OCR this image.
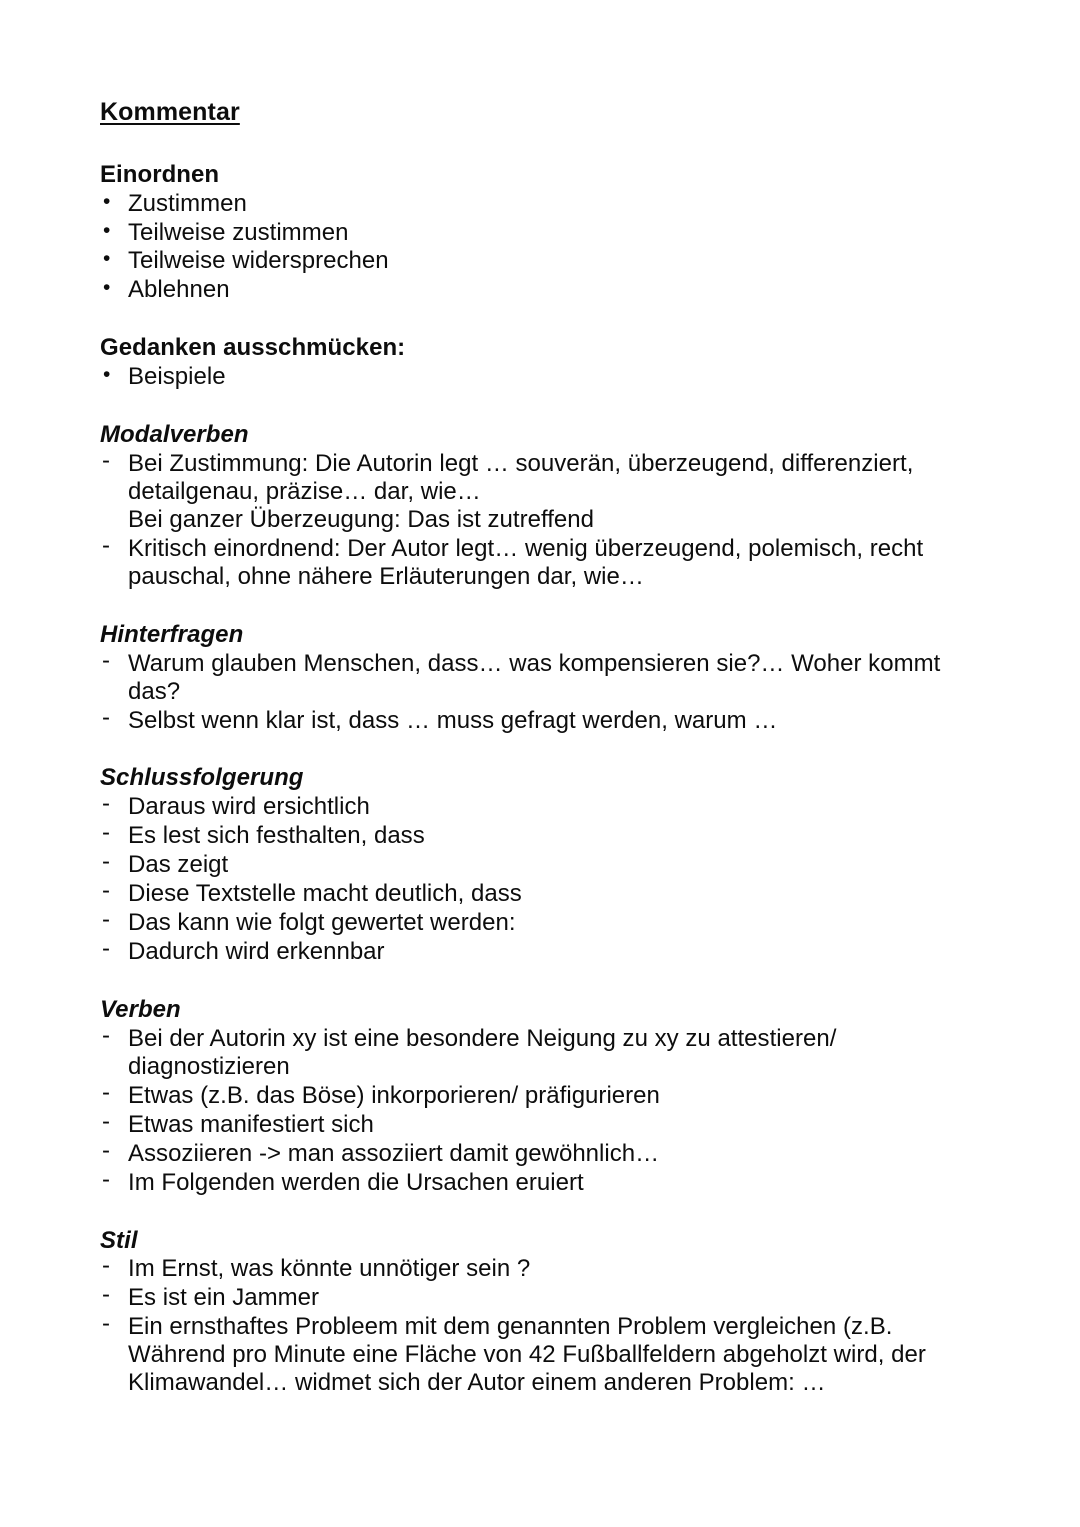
Kommentar
Einordnen
• Zustimmen
• Teilweise zustimmen
• Teilweise widersprechen
• Ablehnen
Gedanken ausschmücken:
• Beispiele
Modalverben
- Bei Zustimmung: Die Autorin legt … souverän, überzeugend, differenziert, detailgenau, präzise… dar, wie…
Bei ganzer Überzeugung: Das ist zutreffend
- Kritisch einordnend: Der Autor legt… wenig überzeugend, polemisch, recht pauschal, ohne nähere Erläuterungen dar, wie…
Hinterfragen
- Warum glauben Menschen, dass… was kompensieren sie?… Woher kommt das?
- Selbst wenn klar ist, dass … muss gefragt werden, warum …
Schlussfolgerung
- Daraus wird ersichtlich
- Es lest sich festhalten, dass
- Das zeigt
- Diese Textstelle macht deutlich, dass
- Das kann wie folgt gewertet werden:
- Dadurch wird erkennbar
Verben
- Bei der Autorin xy ist eine besondere Neigung zu xy zu attestieren/ diagnostizieren
- Etwas (z.B. das Böse) inkorporieren/ präfigurieren
- Etwas manifestiert sich
- Assoziieren -> man assoziiert damit gewöhnlich…
- Im Folgenden werden die Ursachen eruiert
Stil
- Im Ernst, was könnte unnötiger sein ?
- Es ist ein Jammer
- Ein ernsthaftes Probleem mit dem genannten Problem vergleichen (z.B. Während pro Minute eine Fläche von 42 Fußballfeldern abgeholzt wird, der Klimawandel… widmet sich der Autor einem anderen Problem: …
